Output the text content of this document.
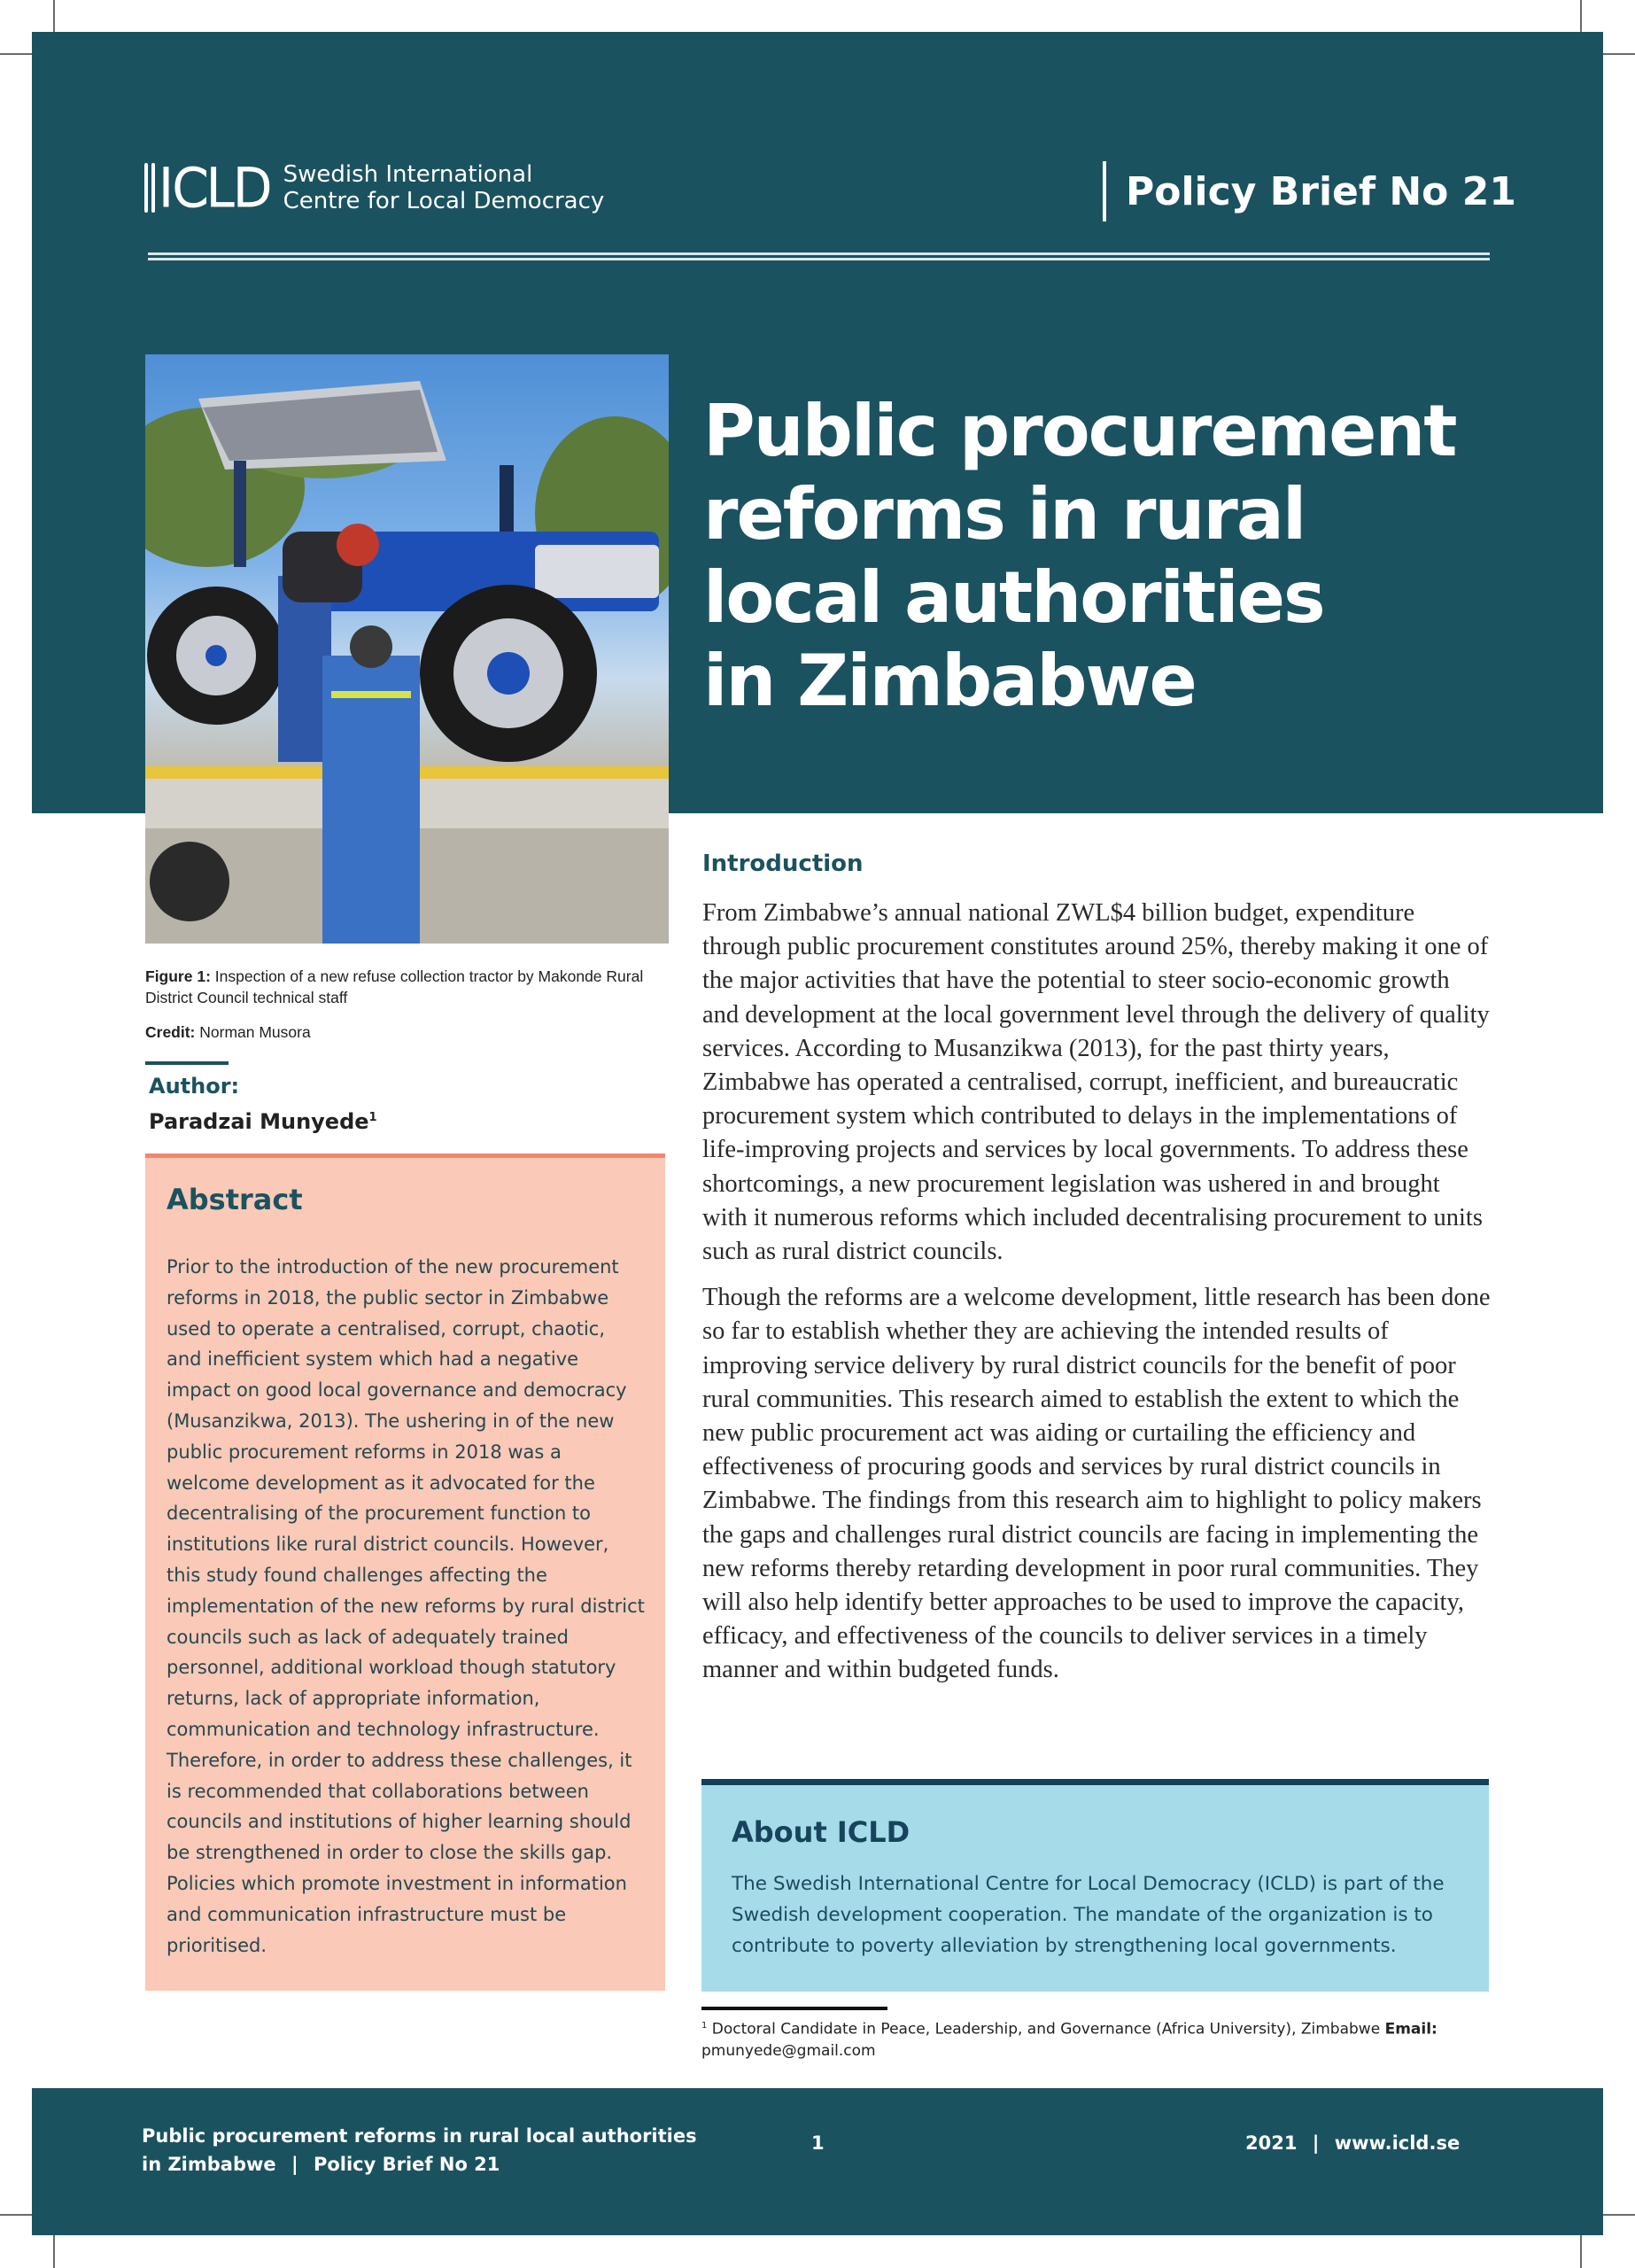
ICLD Swedish International
Centre for Local Democracy	Policy Brief No 21
Public procurement
reforms in rural
local authorities
in Zimbabwe
Figure 1: Inspection of a new refuse collection tractor by Makonde Rural District Council technical staff
Credit: Norman Musora
Author:
Paradzai Munyede$^1$
Abstract

Prior to the introduction of the new procurement reforms in 2018, the public sector in Zimbabwe used to operate a centralised, corrupt, chaotic, and inefficient system which had a negative impact on good local governance and democracy (Musanzikwa, 2013). The ushering in of the new public procurement reforms in 2018 was a welcome development as it advocated for the decentralising of the procurement function to institutions like rural district councils. However, this study found challenges affecting the implementation of the new reforms by rural district councils such as lack of adequately trained personnel, additional workload though statutory returns, lack of appropriate information, communication and technology infrastructure. Therefore, in order to address these challenges, it is recommended that collaborations between councils and institutions of higher learning should be strengthened in order to close the skills gap. Policies which promote investment in information and communication infrastructure must be prioritised.

Introduction

From Zimbabwe’s annual national ZWL$4 billion budget, expenditure through public procurement constitutes around 25%, thereby making it one of the major activities that have the potential to steer socio-economic growth and development at the local government level through the delivery of quality services. According to Musanzikwa (2013), for the past thirty years, Zimbabwe has operated a centralised, corrupt, inefficient, and bureaucratic procurement system which contributed to delays in the implementations of life-improving projects and services by local governments. To address these shortcomings, a new procurement legislation was ushered in and brought with it numerous reforms which included decentralising procurement to units such as rural district councils.

Though the reforms are a welcome development, little research has been done so far to establish whether they are achieving the intended results of improving service delivery by rural district councils for the benefit of poor rural communities. This research aimed to establish the extent to which the new public procurement act was aiding or curtailing the efficiency and effectiveness of procuring goods and services by rural district councils in Zimbabwe. The findings from this research aim to highlight to policy makers the gaps and challenges rural district councils are facing in implementing the new reforms thereby retarding development in poor rural communities. They will also help identify better approaches to be used to improve the capacity, efficacy, and effectiveness of the councils to deliver services in a timely manner and within budgeted funds.

About ICLD

The Swedish International Centre for Local Democracy (ICLD) is part of the Swedish development cooperation. The mandate of the organization is to contribute to poverty alleviation by strengthening local governments.

$^1$ Doctoral Candidate in Peace, Leadership, and Governance (Africa University), Zimbabwe Email:
pmunyede@gmail.com
Public procurement reforms in rural local authorities
in Zimbabwe | Policy Brief No 21
1	2021 | www.icld.se
